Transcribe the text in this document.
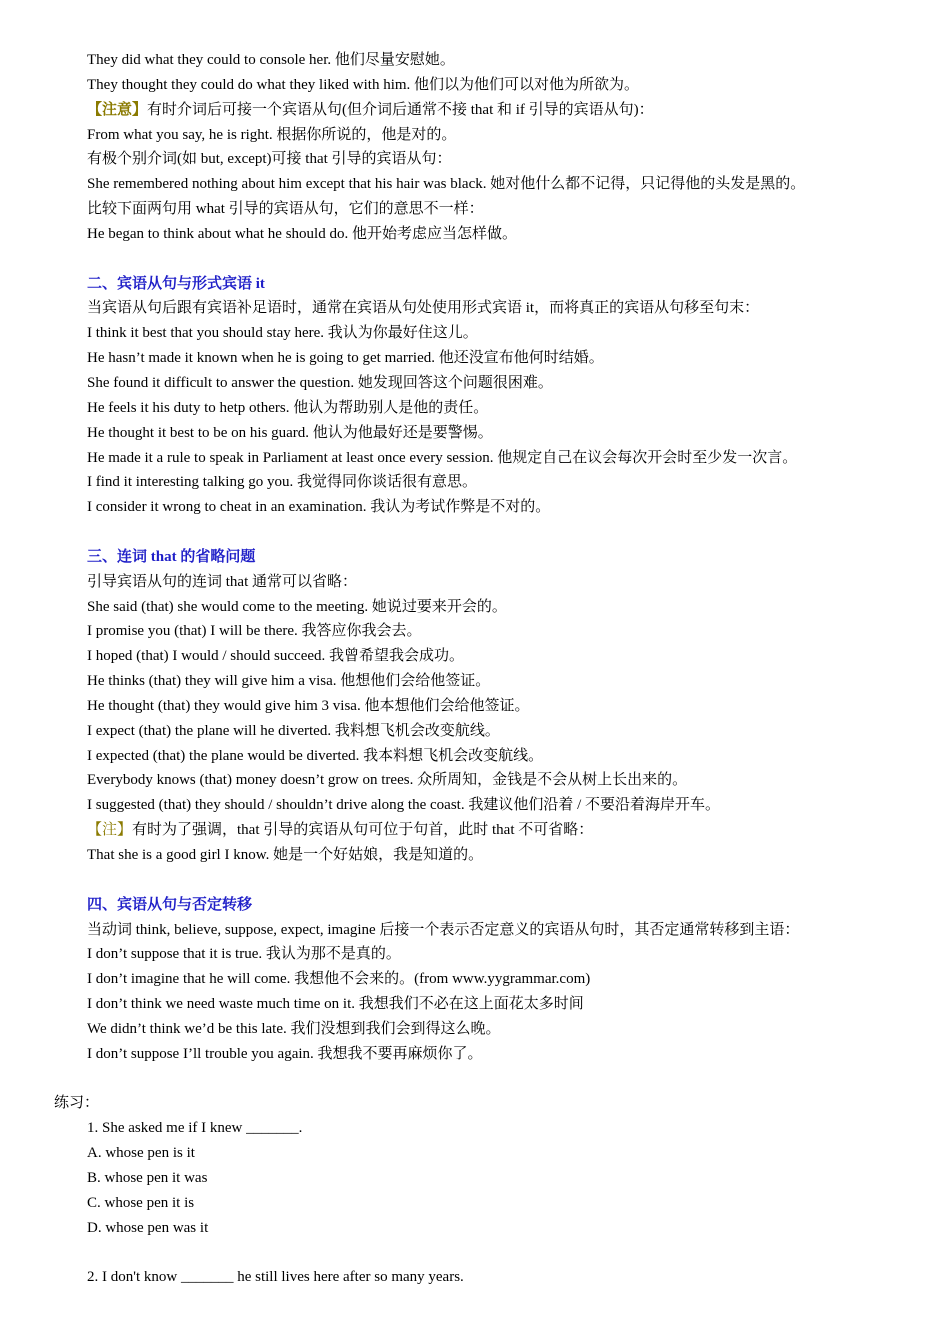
They did what they could to console her. 他们尽量安慰她。
They thought they could do what they liked with him. 他们以为他们可以对他为所欲为。
【注意】有时介词后可接一个宾语从句(但介词后通常不接 that 和 if 引导的宾语从句)：
From what you say, he is right. 根据你所说的，他是对的。
有极个别介词(如 but, except)可接 that 引导的宾语从句：
She remembered nothing about him except that his hair was black. 她对他什么都不记得，只记得他的头发是黑的。
比较下面两句用 what 引导的宾语从句，它们的意思不一样：
He began to think about what he should do. 他开始考虑应当怎样做。
二、宾语从句与形式宾语 it
当宾语从句后跟有宾语补足语时，通常在宾语从句处使用形式宾语 it，而将真正的宾语从句移至句末：
I think it best that you should stay here. 我认为你最好住这儿。
He hasn’t made it known when he is going to get married. 他还没宣布他何时结婚。
She found it difficult to answer the question. 她发现回答这个问题很困难。
He feels it his duty to hetp others. 他认为帮助别人是他的责任。
He thought it best to be on his guard. 他认为他最好还是要警惕。
He made it a rule to speak in Parliament at least once every session. 他规定自己在议会每次开会时至少发一次言。
I find it interesting talking go you. 我觉得同你谈话很有意思。
I consider it wrong to cheat in an examination. 我认为考试作弊是不对的。
三、连词 that 的省略问题
引导宾语从句的连词 that 通常可以省略：
She said (that) she would come to the meeting. 她说过要来开会的。
I promise you (that) I will be there. 我答应你我会去。
I hoped (that) I would / should succeed. 我曾希望我会成功。
He thinks (that) they will give him a visa. 他想他们会给他签证。
He thought (that) they would give him 3 visa. 他本想他们会给他签证。
I expect (that) the plane will he diverted. 我料想飞机会改变航线。
I expected (that) the plane would be diverted. 我本料想飞机会改变航线。
Everybody knows (that) money doesn’t grow on trees. 众所周知，金钱是不会从树上长出来的。
I suggested (that) they should / shouldn’t drive along the coast. 我建议他们沿着 / 不要沿着海岸开车。
【注】有时为了强调，that 引导的宾语从句可位于句首，此时 that 不可省略：
That she is a good girl I know. 她是一个好姑娘，我是知道的。
四、宾语从句与否定转移
当动词 think, believe, suppose, expect, imagine 后接一个表示否定意义的宾语从句时，其否定通常转移到主语：
I don’t suppose that it is true. 我认为那不是真的。
I don’t imagine that he will come. 我想他不会来的。(from www.yygrammar.com)
I don’t think we need waste much time on it. 我想我们不必在这上面花太多时间
We didn’t think we’d be this late. 我们没想到我们会到得这么晚。
I don’t suppose I’ll trouble you again. 我想我不要再麻烦你了。
练习：
1. She asked me if I knew _______.
A. whose pen is it
B. whose pen it was
C. whose pen it is
D. whose pen was it
2. I don't know _______ he still lives here after so many years.
